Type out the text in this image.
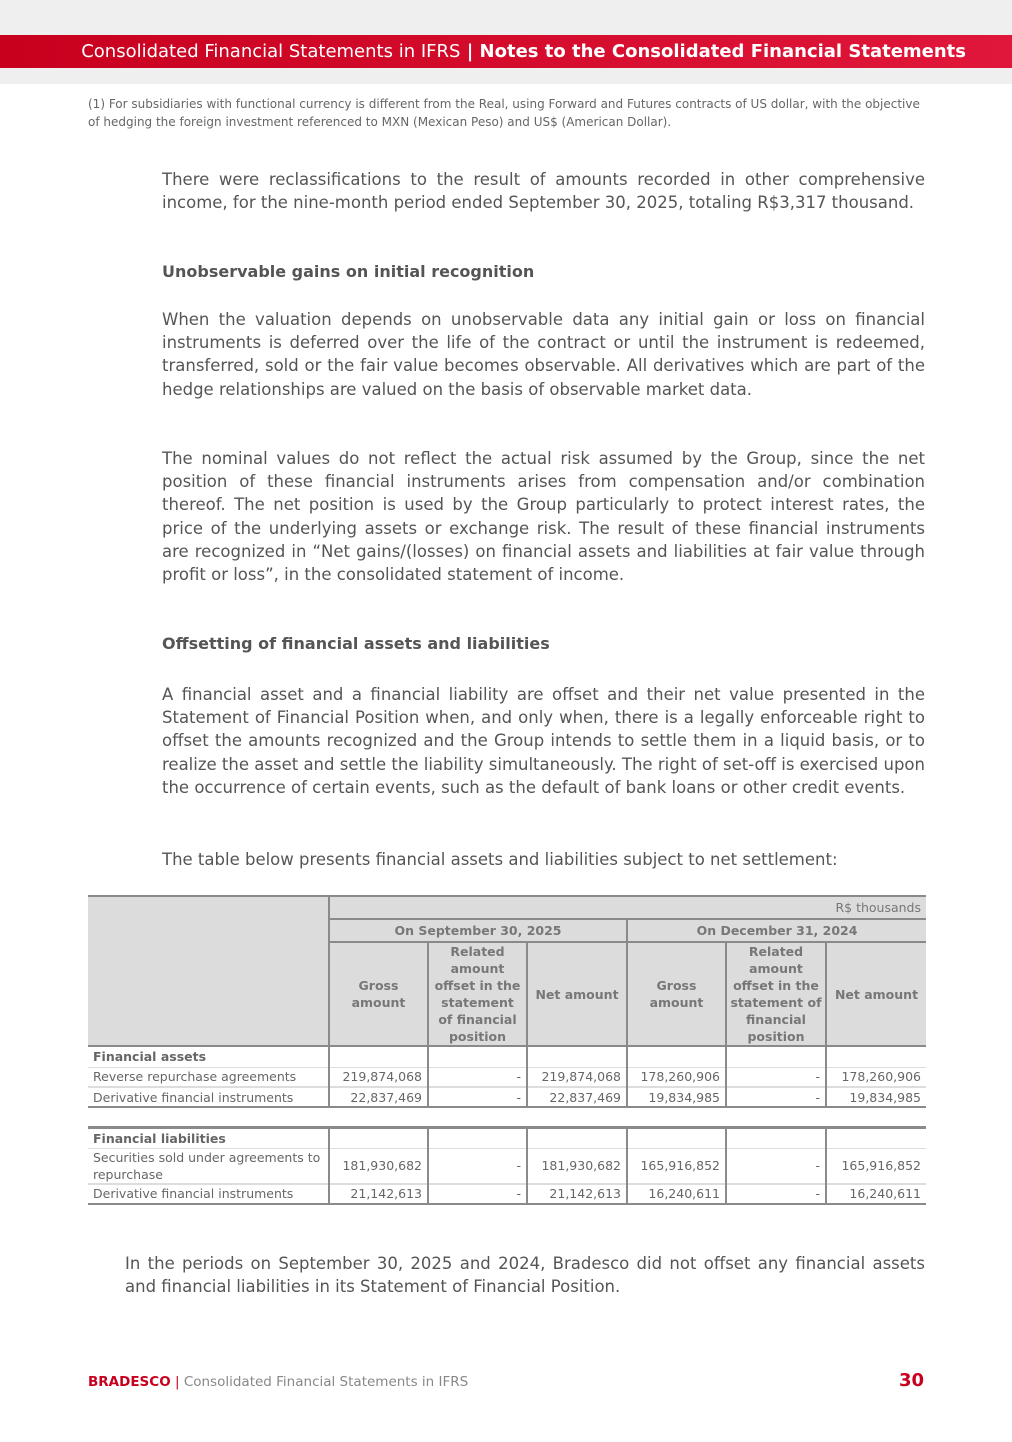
Consolidated Financial Statements in IFRS | Notes to the Consolidated Financial Statements
(1) For subsidiaries with functional currency is different from the Real, using Forward and Futures contracts of US dollar, with the objective of hedging the foreign investment referenced to MXN (Mexican Peso) and US$ (American Dollar).
There were reclassifications to the result of amounts recorded in other comprehensive income, for the nine-month period ended September 30, 2025, totaling R$3,317 thousand.
Unobservable gains on initial recognition
When the valuation depends on unobservable data any initial gain or loss on financial instruments is deferred over the life of the contract or until the instrument is redeemed, transferred, sold or the fair value becomes observable. All derivatives which are part of the hedge relationships are valued on the basis of observable market data.
The nominal values do not reflect the actual risk assumed by the Group, since the net position of these financial instruments arises from compensation and/or combination thereof. The net position is used by the Group particularly to protect interest rates, the price of the underlying assets or exchange risk. The result of these financial instruments are recognized in “Net gains/(losses) on financial assets and liabilities at fair value through profit or loss”, in the consolidated statement of income.
Offsetting of financial assets and liabilities
A financial asset and a financial liability are offset and their net value presented in the Statement of Financial Position when, and only when, there is a legally enforceable right to offset the amounts recognized and the Group intends to settle them in a liquid basis, or to realize the asset and settle the liability simultaneously. The right of set-off is exercised upon the occurrence of certain events, such as the default of bank loans or other credit events.
The table below presents financial assets and liabilities subject to net settlement:
	R$ thousands					
	On September 30, 2025			On December 31, 2024		
	Gross amount	Related amount offset in the statement of financial position	Net amount	Gross amount	Related amount offset in the statement of financial position	Net amount
Financial assets						
Reverse repurchase agreements	219,874,068	-	219,874,068	178,260,906	-	178,260,906
Derivative financial instruments	22,837,469	-	22,837,469	19,834,985	-	19,834,985

Financial liabilities						
Securities sold under agreements to repurchase	181,930,682	-	181,930,682	165,916,852	-	165,916,852
Derivative financial instruments	21,142,613	-	21,142,613	16,240,611	-	16,240,611
In the periods on September 30, 2025 and 2024, Bradesco did not offset any financial assets and financial liabilities in its Statement of Financial Position.
BRADESCO | Consolidated Financial Statements in IFRS	30
